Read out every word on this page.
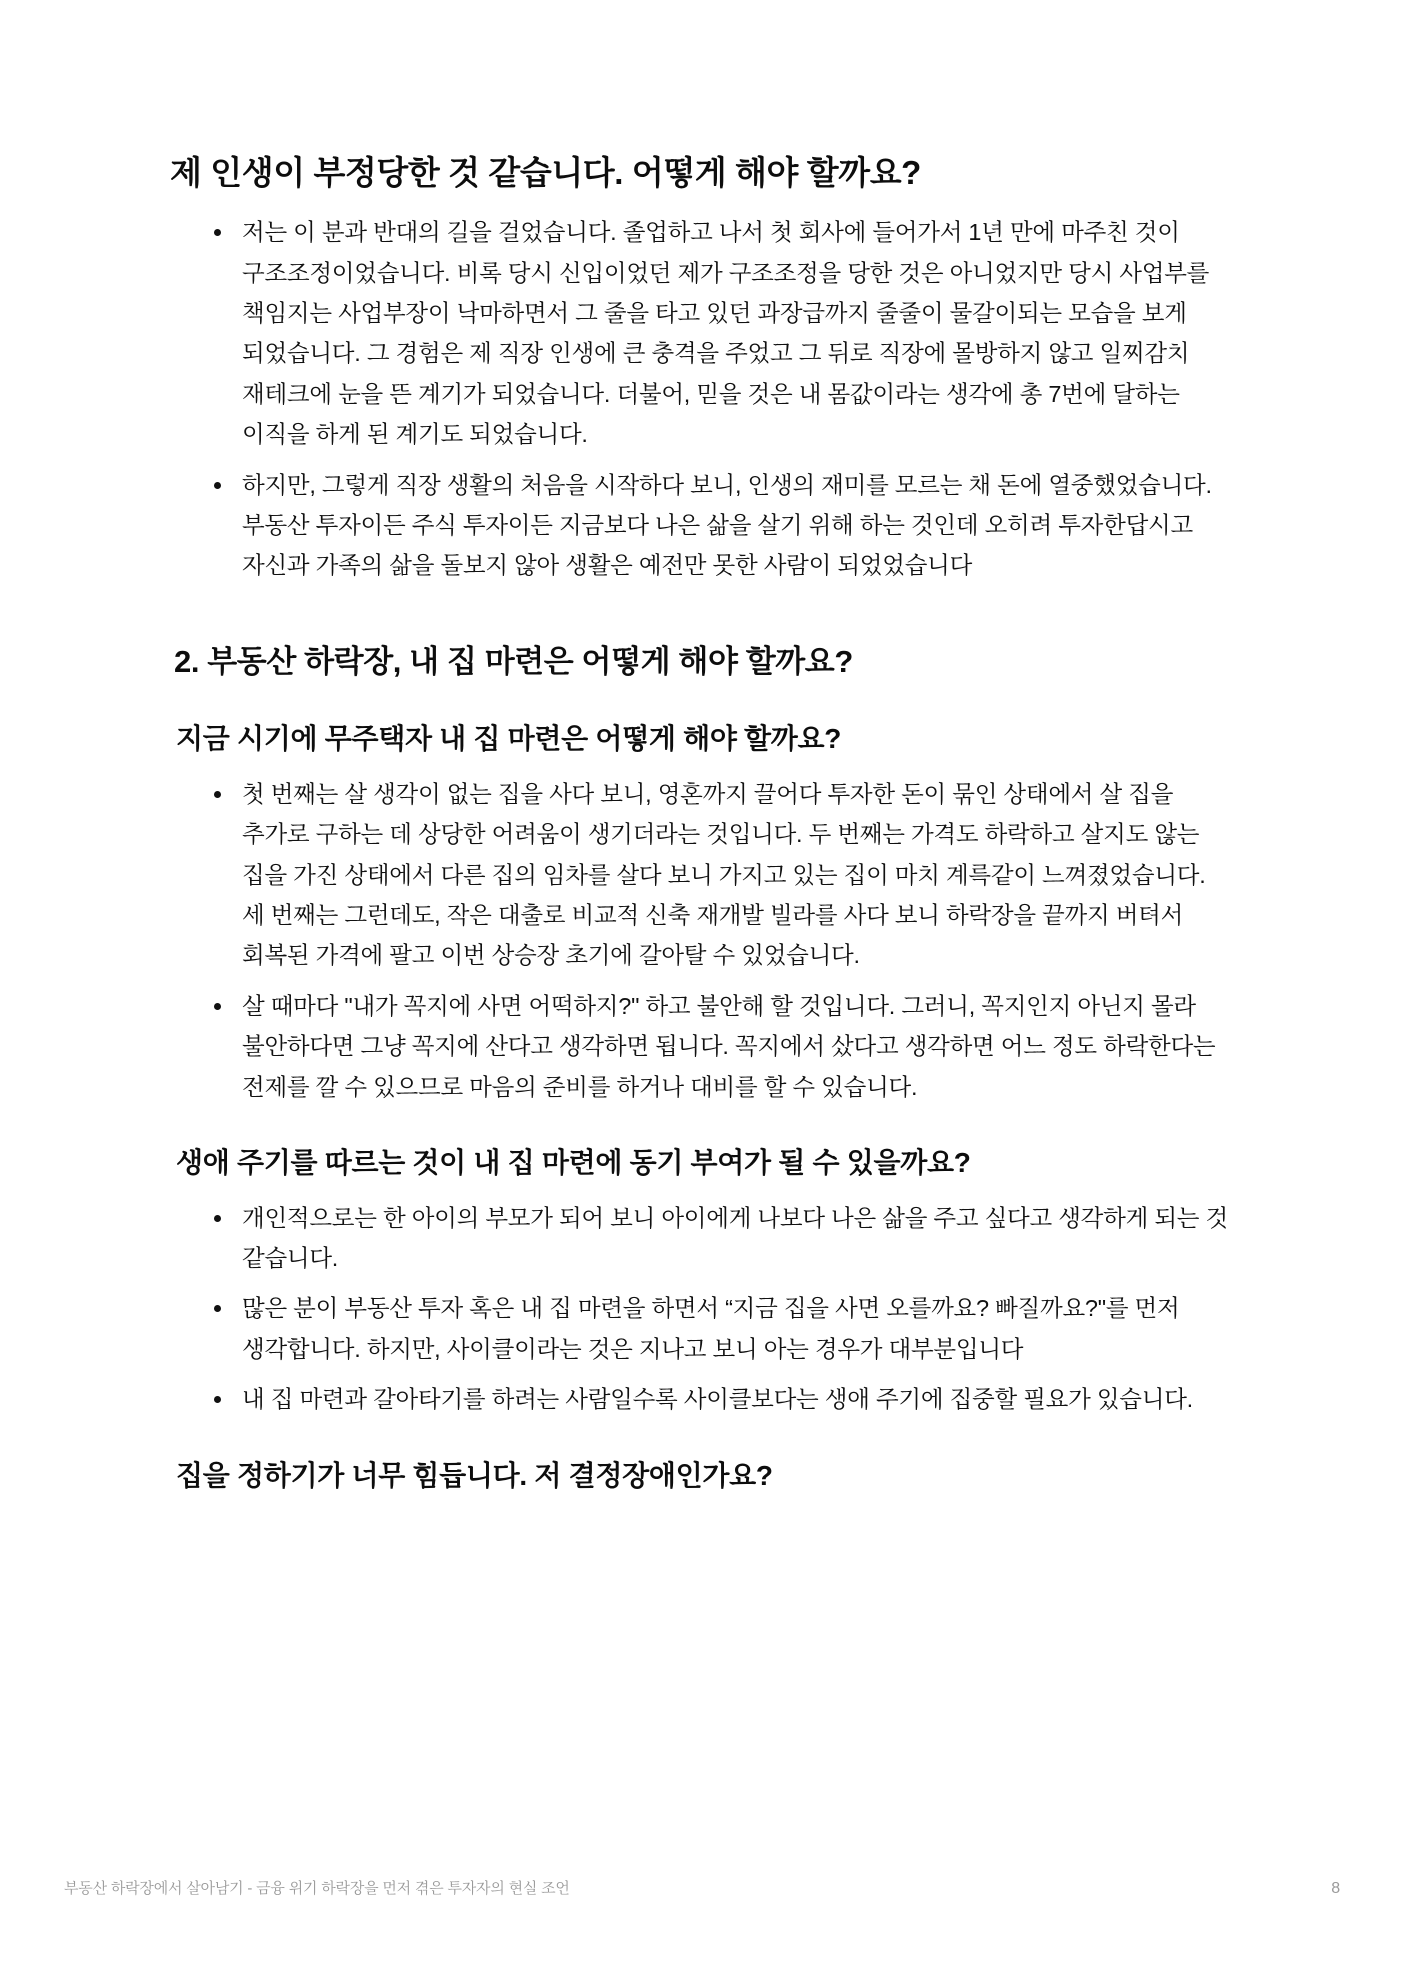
제 인생이 부정당한 것 같습니다. 어떻게 해야 할까요?
저는 이 분과 반대의 길을 걸었습니다. 졸업하고 나서 첫 회사에 들어가서 1년 만에 마주친 것이 구조조정이었습니다. 비록 당시 신입이었던 제가 구조조정을 당한 것은 아니었지만 당시 사업부를 책임지는 사업부장이 낙마하면서 그 줄을 타고 있던 과장급까지 줄줄이 물갈이되는 모습을 보게 되었습니다. 그 경험은 제 직장 인생에 큰 충격을 주었고 그 뒤로 직장에 몰방하지 않고 일찌감치 재테크에 눈을 뜬 계기가 되었습니다. 더불어, 믿을 것은 내 몸값이라는 생각에 총 7번에 달하는 이직을 하게 된 계기도 되었습니다.
하지만, 그렇게 직장 생활의 처음을 시작하다 보니, 인생의 재미를 모르는 채 돈에 열중했었습니다. 부동산 투자이든 주식 투자이든 지금보다 나은 삶을 살기 위해 하는 것인데 오히려 투자한답시고 자신과 가족의 삶을 돌보지 않아 생활은 예전만 못한 사람이 되었었습니다
2. 부동산 하락장, 내 집 마련은 어떻게 해야 할까요?
지금 시기에 무주택자 내 집 마련은 어떻게 해야 할까요?
첫 번째는 살 생각이 없는 집을 사다 보니, 영혼까지 끌어다 투자한 돈이 묶인 상태에서 살 집을 추가로 구하는 데 상당한 어려움이 생기더라는 것입니다. 두 번째는 가격도 하락하고 살지도 않는 집을 가진 상태에서 다른 집의 임차를 살다 보니 가지고 있는 집이 마치 계륵같이 느껴졌었습니다. 세 번째는 그런데도, 작은 대출로 비교적 신축 재개발 빌라를 사다 보니 하락장을 끝까지 버텨서 회복된 가격에 팔고 이번 상승장 초기에 갈아탈 수 있었습니다.
살 때마다 "내가 꼭지에 사면 어떡하지?" 하고 불안해 할 것입니다. 그러니, 꼭지인지 아닌지 몰라 불안하다면 그냥 꼭지에 산다고 생각하면 됩니다. 꼭지에서 샀다고 생각하면 어느 정도 하락한다는 전제를 깔 수 있으므로 마음의 준비를 하거나 대비를 할 수 있습니다.
생애 주기를 따르는 것이 내 집 마련에 동기 부여가 될 수 있을까요?
개인적으로는 한 아이의 부모가 되어 보니 아이에게 나보다 나은 삶을 주고 싶다고 생각하게 되는 것 같습니다.
많은 분이 부동산 투자 혹은 내 집 마련을 하면서 “지금 집을 사면 오를까요? 빠질까요?"를 먼저 생각합니다. 하지만, 사이클이라는 것은 지나고 보니 아는 경우가 대부분입니다
내 집 마련과 갈아타기를 하려는 사람일수록 사이클보다는 생애 주기에 집중할 필요가 있습니다.
집을 정하기가 너무 힘듭니다. 저 결정장애인가요?
부동산 하락장에서 살아남기 - 금융 위기 하락장을 먼저 겪은 투자자의 현실 조언	8
